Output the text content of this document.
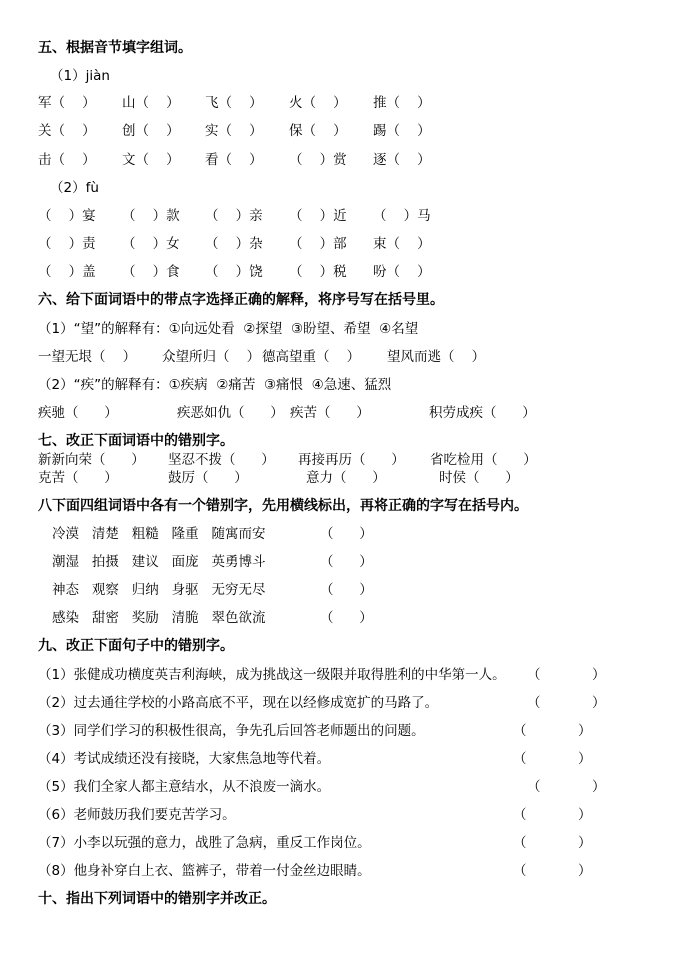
五、根据音节填字组词。
（1）jiàn
军（    ） 山（    ） 飞（    ） 火（    ） 推（    ）
关（    ） 创（    ） 实（    ） 保（    ） 踢（    ）
击（    ） 文（    ） 看（    ） （    ）赏 逐（    ）
（2）fù
（    ）宴 （    ）款 （    ）亲 （    ）近 （    ）马
（    ）责 （    ）女 （    ）杂 （    ）部 束（    ）
（    ）盖 （    ）食 （    ）饶 （    ）税 吩（    ）
六、给下面词语中的带点字选择正确的解释，将序号写在括号里。
（1）“望”的解释有：①向远处看  ②探望  ③盼望、希望  ④名望
一望无垠（    ） 众望所归（    ） 德高望重（    ） 望风而逃（    ）
（2）“疾”的解释有：①疾病  ②痛苦  ③痛恨  ④急速、猛烈
疾驰（      ）	疾恶如仇（      ） 疾苦（      ）	积劳成疾（      ）
七、改正下面词语中的错别字。
新新向荣（      ） 坚忍不拨（      ） 再接再历（      ） 省吃检用（      ）
克苦（      ）	鼓厉（      ）	意力（      ）	时侯（      ）
八下面四组词语中各有一个错别字，先用横线标出，再将正确的字写在括号内。
冷漠   清楚   粗糙   隆重   随寓而安	（      ）
潮湿   拍摄   建议   面庞   英勇博斗	（      ）
神态   观察   归纳   身驱   无穷无尽	（      ）
感染   甜密   奖励   清脆   翠色欲流	（      ）
九、改正下面句子中的错别字。
（1）张健成功横度英吉利海峡，成为挑战这一级限并取得胜利的中华第一人。 （            ）
（2）过去通往学校的小路高底不平，现在以经修成宽扩的马路了。	（            ）
（3）同学们学习的积极性很高，争先孔后回答老师题出的问题。	（            ）
（4）考试成绩还没有接晓，大家焦急地等代着。	（            ）
（5）我们全家人都主意结水，从不浪废一滴水。	（            ）
（6）老师鼓历我们要克苦学习。	（            ）
（7）小李以玩强的意力，战胜了急病，重反工作岗位。	（            ）
（8）他身补穿白上衣、篮裤子，带着一付金丝边眼睛。	（            ）
十、指出下列词语中的错别字并改正。
